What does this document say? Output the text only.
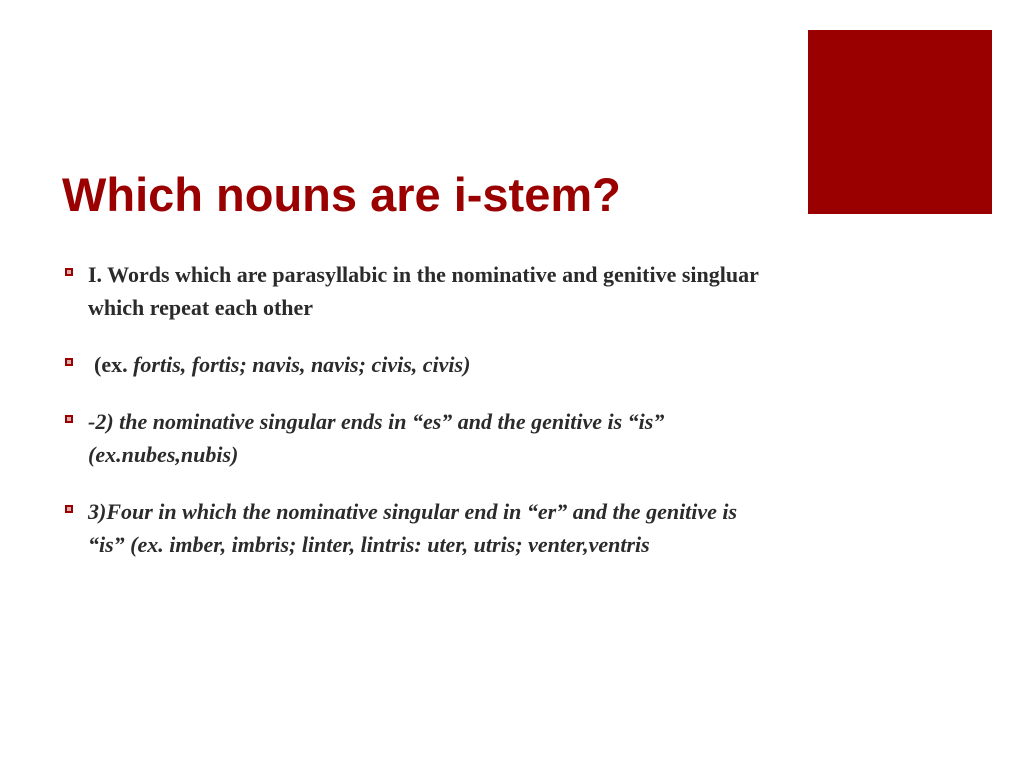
Which nouns are i-stem?
I. Words which are parasyllabic in the nominative and genitive singluar which repeat each other
(ex. fortis, fortis; navis, navis; civis, civis)
-2) the nominative singular ends in “es” and the genitive is “is” (ex.nubes,nubis)
3)Four in which the nominative singular end in “er” and the genitive is “is” (ex. imber, imbris; linter, lintris: uter, utris; venter,ventris
